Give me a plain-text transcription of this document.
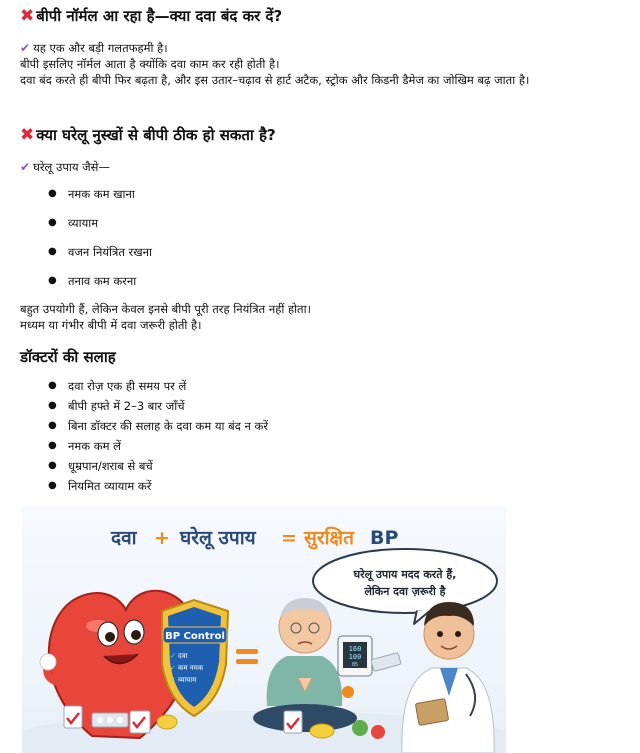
✖ बीपी नॉर्मल आ रहा है—क्या दवा बंद कर दें?
✔ यह एक और बड़ी गलतफहमी है।
बीपी इसलिए नॉर्मल आता है क्योंकि दवा काम कर रही होती है।
दवा बंद करते ही बीपी फिर बढ़ता है, और इस उतार–चढ़ाव से हार्ट अटैक, स्ट्रोक और किडनी डैमेज का जोखिम बढ़ जाता है।
✖ क्या घरेलू नुस्खों से बीपी ठीक हो सकता है?
✔ घरेलू उपाय जैसे—
● नमक कम खाना
● व्यायाम
● वजन नियंत्रित रखना
● तनाव कम करना
बहुत उपयोगी हैं, लेकिन केवल इनसे बीपी पूरी तरह नियंत्रित नहीं होता।
मध्यम या गंभीर बीपी में दवा जरूरी होती है।
डॉक्टरों की सलाह
● दवा रोज़ एक ही समय पर लें
● बीपी हफ्ते में 2–3 बार जाँचें
● बिना डॉक्टर की सलाह के दवा कम या बंद न करें
● नमक कम लें
● धूम्रपान/शराब से बचें
● नियमित व्यायाम करें
दवा + घरेलू उपाय = सुरक्षित BP
घरेलू उपाय मदद करते हैं,
लेकिन दवा ज़रूरी है
BP Control
दवा
कम नमक
व्यायाम
✓
✓
✓
160
100
85
